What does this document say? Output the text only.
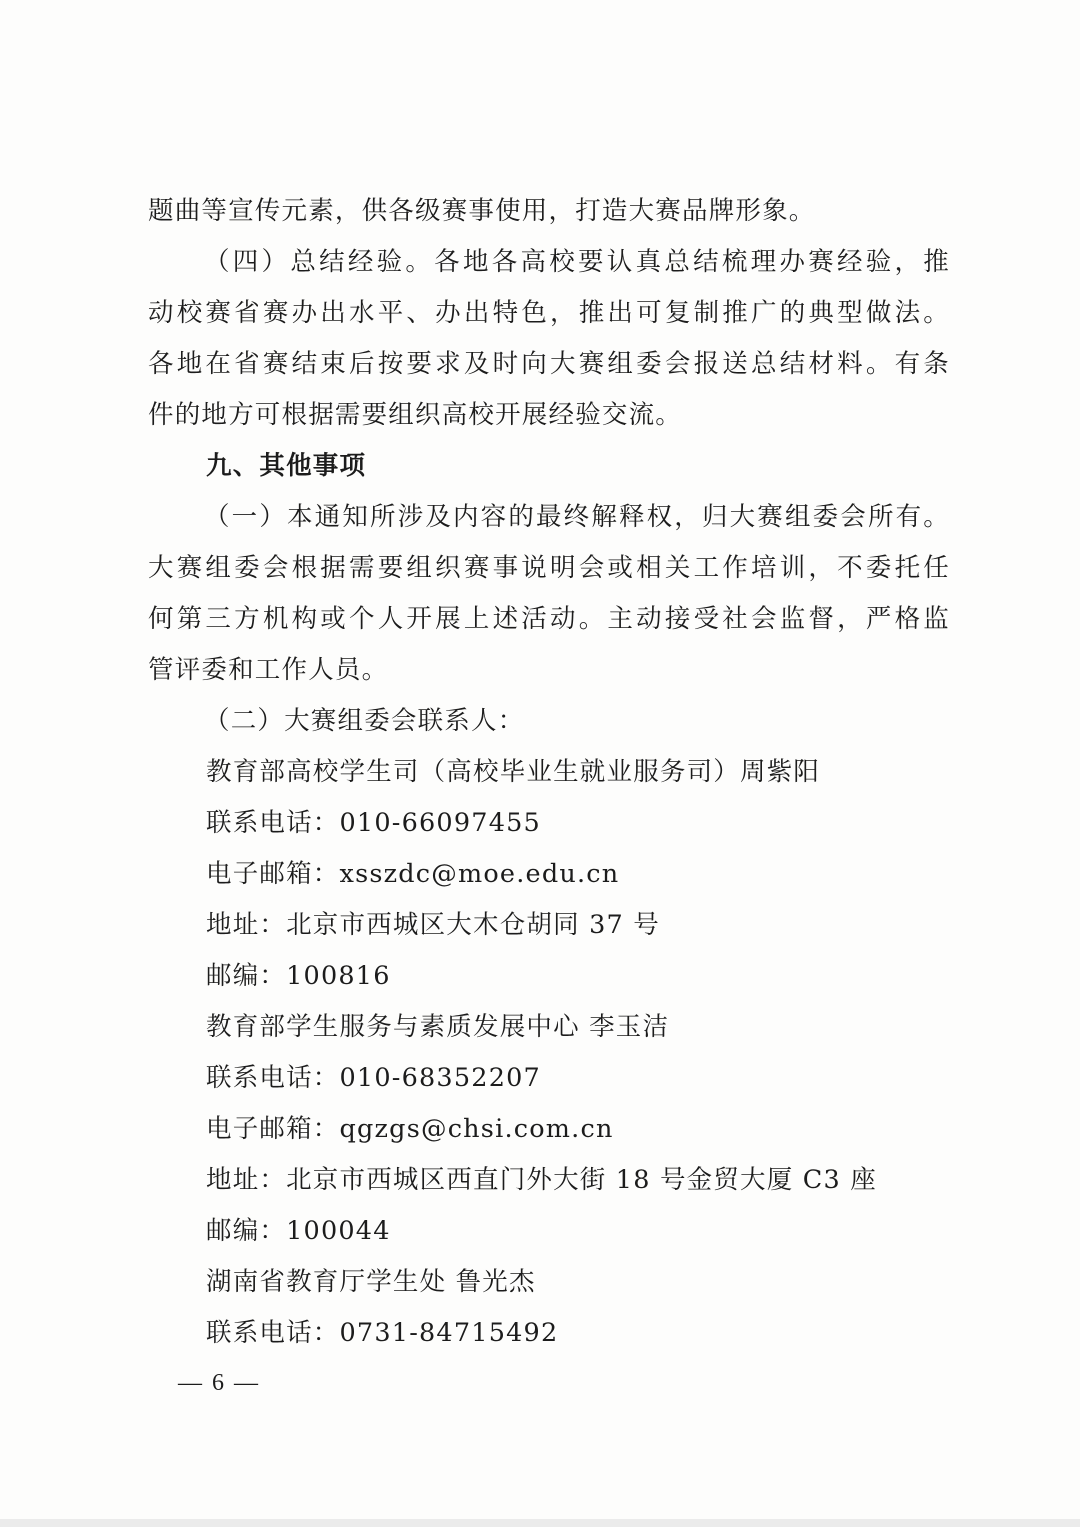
题曲等宣传元素，供各级赛事使用，打造大赛品牌形象。
（四）总结经验。各地各高校要认真总结梳理办赛经验，推
动校赛省赛办出水平、办出特色，推出可复制推广的典型做法。
各地在省赛结束后按要求及时向大赛组委会报送总结材料。有条
件的地方可根据需要组织高校开展经验交流。
九、其他事项
（一）本通知所涉及内容的最终解释权，归大赛组委会所有。
大赛组委会根据需要组织赛事说明会或相关工作培训，不委托任
何第三方机构或个人开展上述活动。主动接受社会监督，严格监
管评委和工作人员。
（二）大赛组委会联系人：
教育部高校学生司（高校毕业生就业服务司）周紫阳
联系电话：010-66097455
电子邮箱：xsszdc@moe.edu.cn
地址：北京市西城区大木仓胡同 37 号
邮编：100816
教育部学生服务与素质发展中心 李玉洁
联系电话：010-68352207
电子邮箱：qgzgs@chsi.com.cn
地址：北京市西城区西直门外大街 18 号金贸大厦 C3 座
邮编：100044
湖南省教育厅学生处 鲁光杰
联系电话：0731-84715492
— 6 —
